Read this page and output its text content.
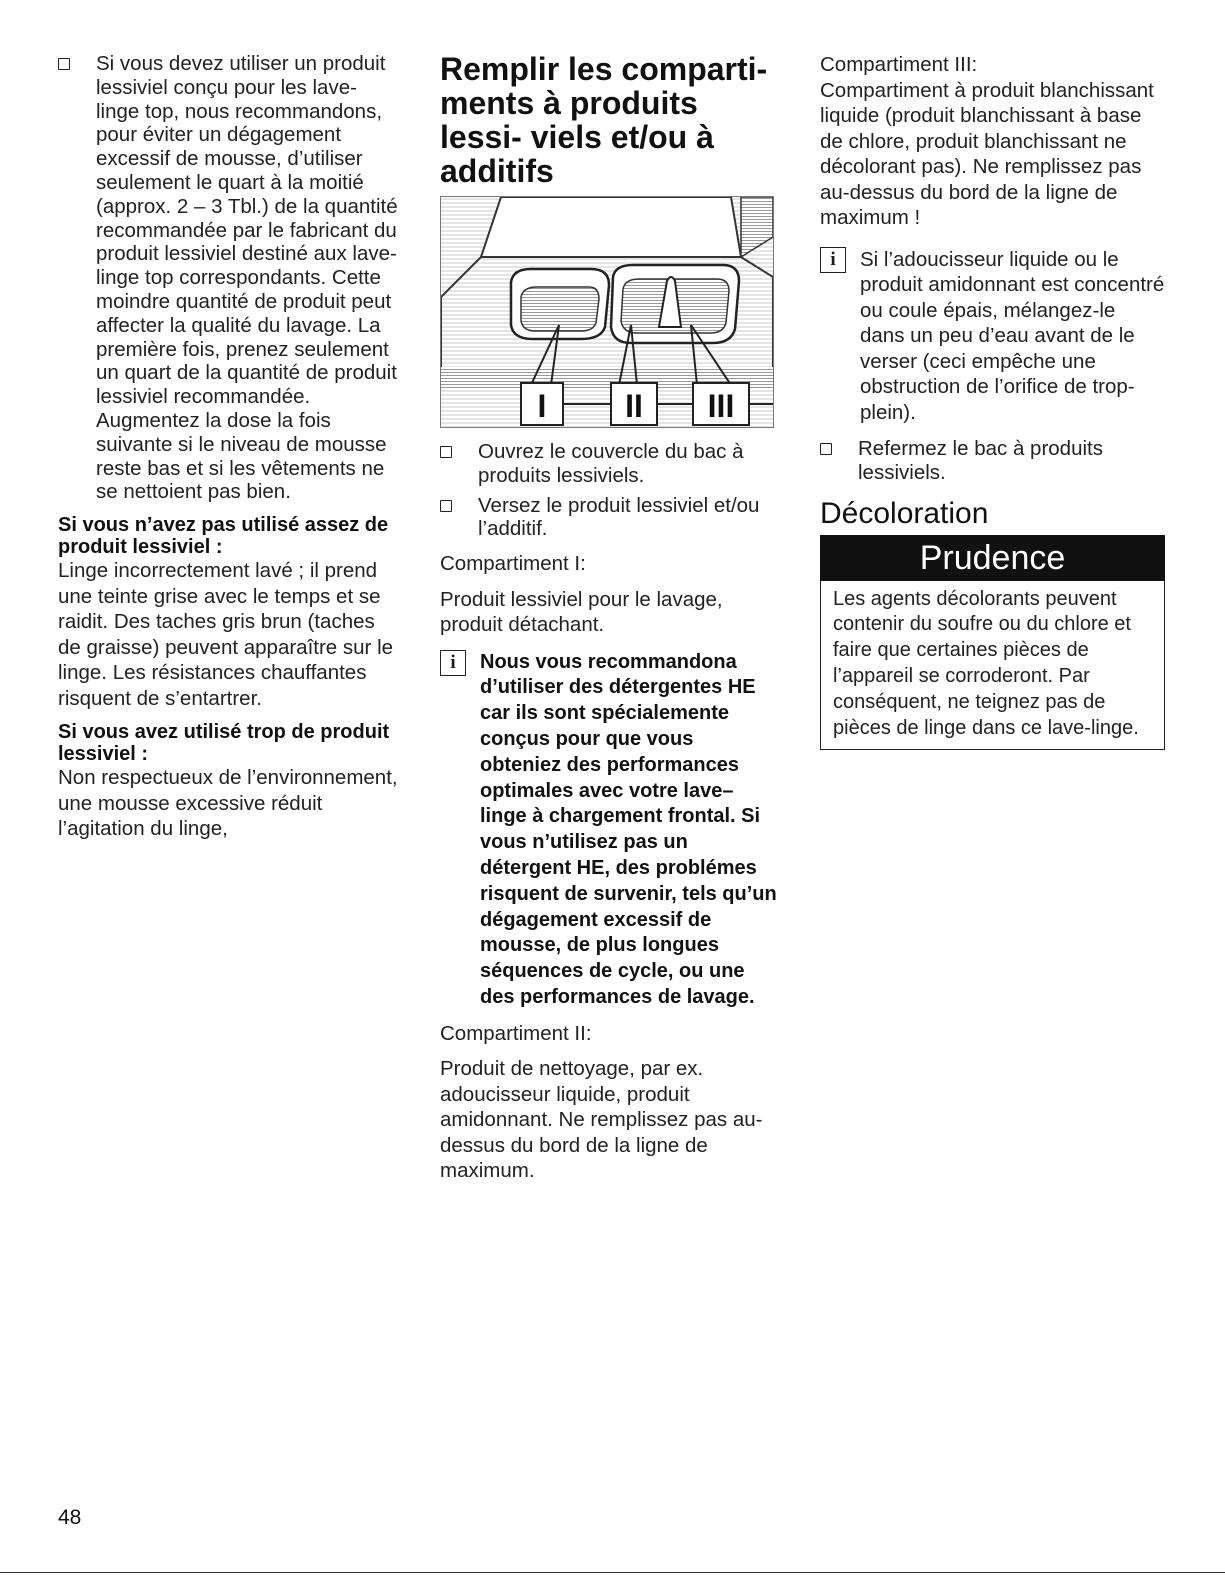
Si vous devez utiliser un produit lessiviel conçu pour les lave-linge top, nous recommandons, pour éviter un dégagement excessif de mousse, d’utiliser seulement le quart à la moitié (approx. 2 – 3 Tbl.) de la quantité recommandée par le fabricant du produit lessiviel destiné aux lave-linge top correspondants. Cette moindre quantité de produit peut affecter la qualité du lavage. La première fois, prenez seulement un quart de la quantité de produit lessiviel recommandée. Augmentez la dose la fois suivante si le niveau de mousse reste bas et si les vêtements ne se nettoient pas bien.

Si vous n’avez pas utilisé assez de produit lessiviel :

Linge incorrectement lavé ; il prend une teinte grise avec le temps et se raidit. Des taches gris brun (taches de graisse) peuvent apparaître sur le linge. Les résistances chauffantes risquent de s’entartrer.

Si vous avez utilisé trop de produit lessiviel :

Non respectueux de l’environnement, une mousse excessive réduit l’agitation du linge,

Remplir les comparti- ments à produits lessi- viels et/ou à additifs
I II III

Ouvrez le couvercle du bac à produits lessiviels.

Versez le produit lessiviel et/ou l’additif.

Compartiment I:

Produit lessiviel pour le lavage, produit détachant.

i	Nous vous recommandona d’utiliser des détergentes HE car ils sont spécialemente conçus pour que vous obteniez des performances optimales avec votre lave–linge à chargement frontal. Si vous n’utilisez pas un détergent HE, des problémes risquent de survenir, tels qu’un dégagement excessif de mousse, de plus longues séquences de cycle, ou une des performances de lavage.

Compartiment II:

Produit de nettoyage, par ex. adoucisseur liquide, produit amidonnant. Ne remplissez pas au-dessus du bord de la ligne de maximum.

Compartiment III:

Compartiment à produit blanchissant liquide (produit blanchissant à base de chlore, produit blanchissant ne décolorant pas). Ne remplissez pas au-dessus du bord de la ligne de maximum !

i	Si l’adoucisseur liquide ou le produit amidonnant est concentré ou coule épais, mélangez-le dans un peu d’eau avant de le verser (ceci empêche une obstruction de l’orifice de trop-plein).

Refermez le bac à produits lessiviels.

Décoloration
Prudence

Les agents décolorants peuvent contenir du soufre ou du chlore et faire que certaines pièces de l’appareil se corroderont. Par conséquent, ne teignez pas de pièces de linge dans ce lave-linge.

48
